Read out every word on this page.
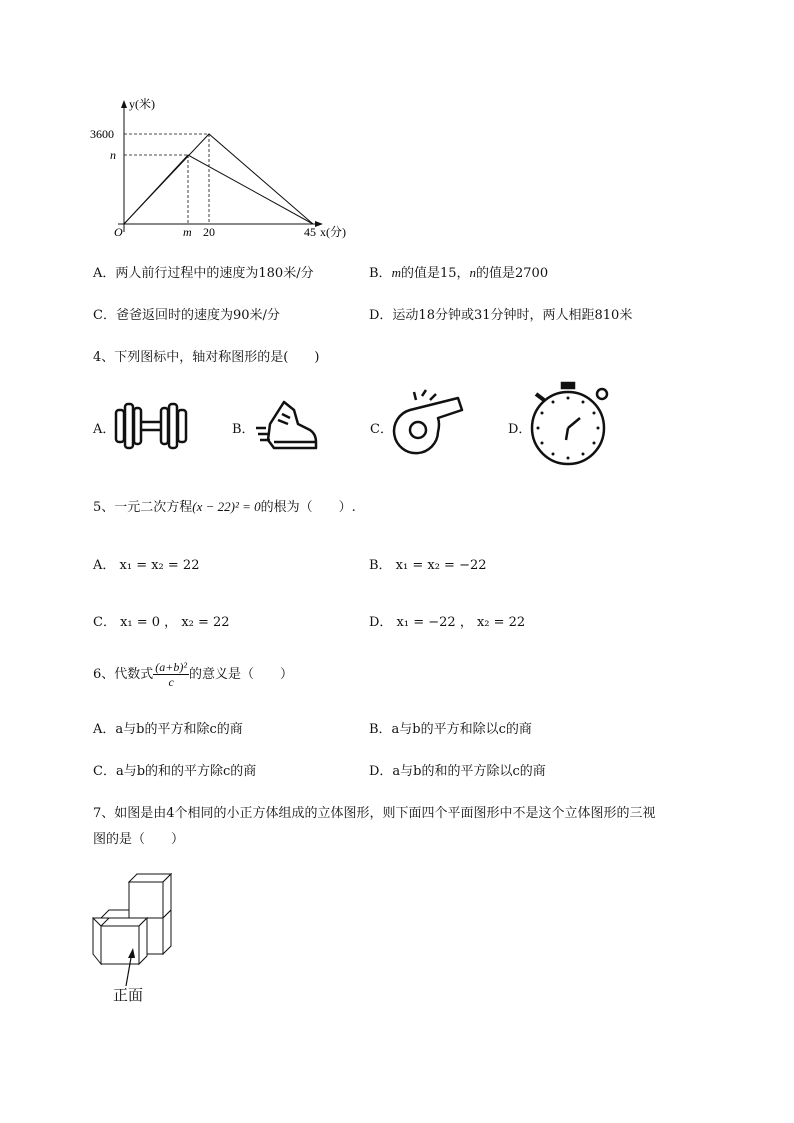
y(米)
3600
n
O	m 20	45 x(分)
A．两人前行过程中的速度为180米/分	B．m的值是15，n的值是2700
C．爸爸返回时的速度为90米/分	D．运动18分钟或31分钟时，两人相距810米
4、下列图标中，轴对称图形的是(　　)
A．	B．	C．	D．
5、一元二次方程(x − 22)² = 0的根为（　　）.
A． x₁ = x₂ = 22	B． x₁ = x₂ = −22
C． x₁ = 0 ， x₂ = 22	D． x₁ = −22 ， x₂ = 22
6、代数式 $\frac{\text{(a+b)²}}{c}$ 的意义是（　　）
A．a与b的平方和除c的商	B．a与b的平方和除以c的商
C．a与b的和的平方除c的商	D．a与b的和的平方除以c的商
7、如图是由4个相同的小正方体组成的立体图形，则下面四个平面图形中不是这个立体图形的三视
图的是（　　）
正面
